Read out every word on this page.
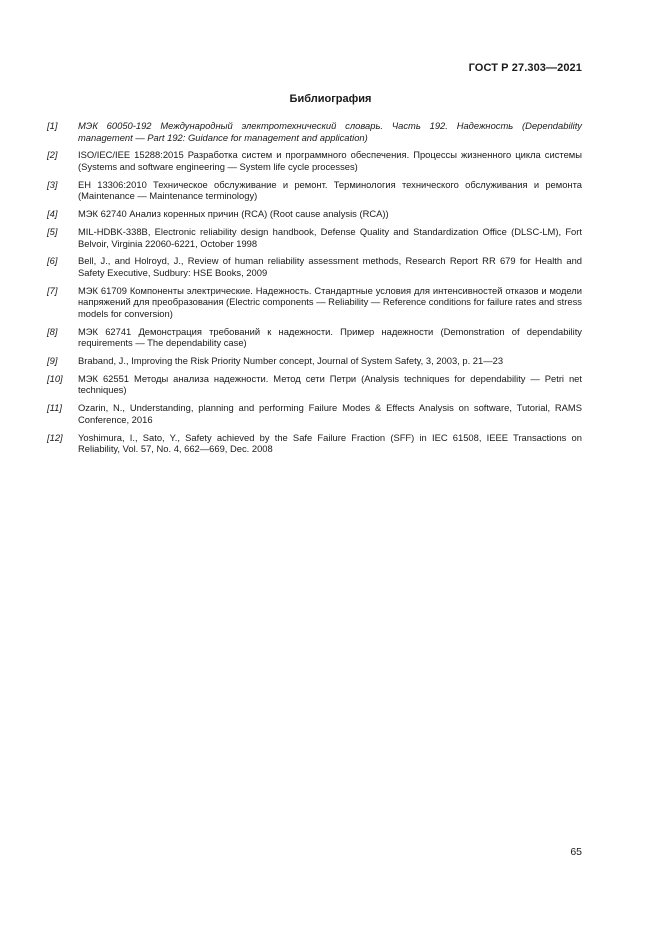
ГОСТ Р 27.303—2021
Библиография
[1]	МЭК 60050-192 Международный электротехнический словарь. Часть 192. Надежность (Dependability management — Part 192: Guidance for management and application)
[2]	ISO/IEC/IEE 15288:2015 Разработка систем и программного обеспечения. Процессы жизненного цикла системы (Systems and software engineering — System life cycle processes)
[3]	ЕН 13306:2010 Техническое обслуживание и ремонт. Терминология технического обслуживания и ремонта (Maintenance — Maintenance terminology)
[4]	МЭК 62740 Анализ коренных причин (RCA) (Root cause analysis (RCA))
[5]	MIL-HDBK-338B, Electronic reliability design handbook, Defense Quality and Standardization Office (DLSC-LM), Fort Belvoir, Virginia 22060-6221, October 1998
[6]	Bell, J., and Holroyd, J., Review of human reliability assessment methods, Research Report RR 679 for Health and Safety Executive, Sudbury: HSE Books, 2009
[7]	МЭК 61709 Компоненты электрические. Надежность. Стандартные условия для интенсивностей отказов и модели напряжений для преобразования (Electric components — Reliability — Reference conditions for failure rates and stress models for conversion)
[8]	МЭК 62741 Демонстрация требований к надежности. Пример надежности (Demonstration of dependability requirements — The dependability case)
[9]	Braband, J., Improving the Risk Priority Number concept, Journal of System Safety, 3, 2003, p. 21—23
[10]	МЭК 62551 Методы анализа надежности. Метод сети Петри (Analysis techniques for dependability — Petri net techniques)
[11]	Ozarin, N., Understanding, planning and performing Failure Modes & Effects Analysis on software, Tutorial, RAMS Conference, 2016
[12]	Yoshimura, I., Sato, Y., Safety achieved by the Safe Failure Fraction (SFF) in IEC 61508, IEEE Transactions on Reliability, Vol. 57, No. 4, 662—669, Dec. 2008
65
